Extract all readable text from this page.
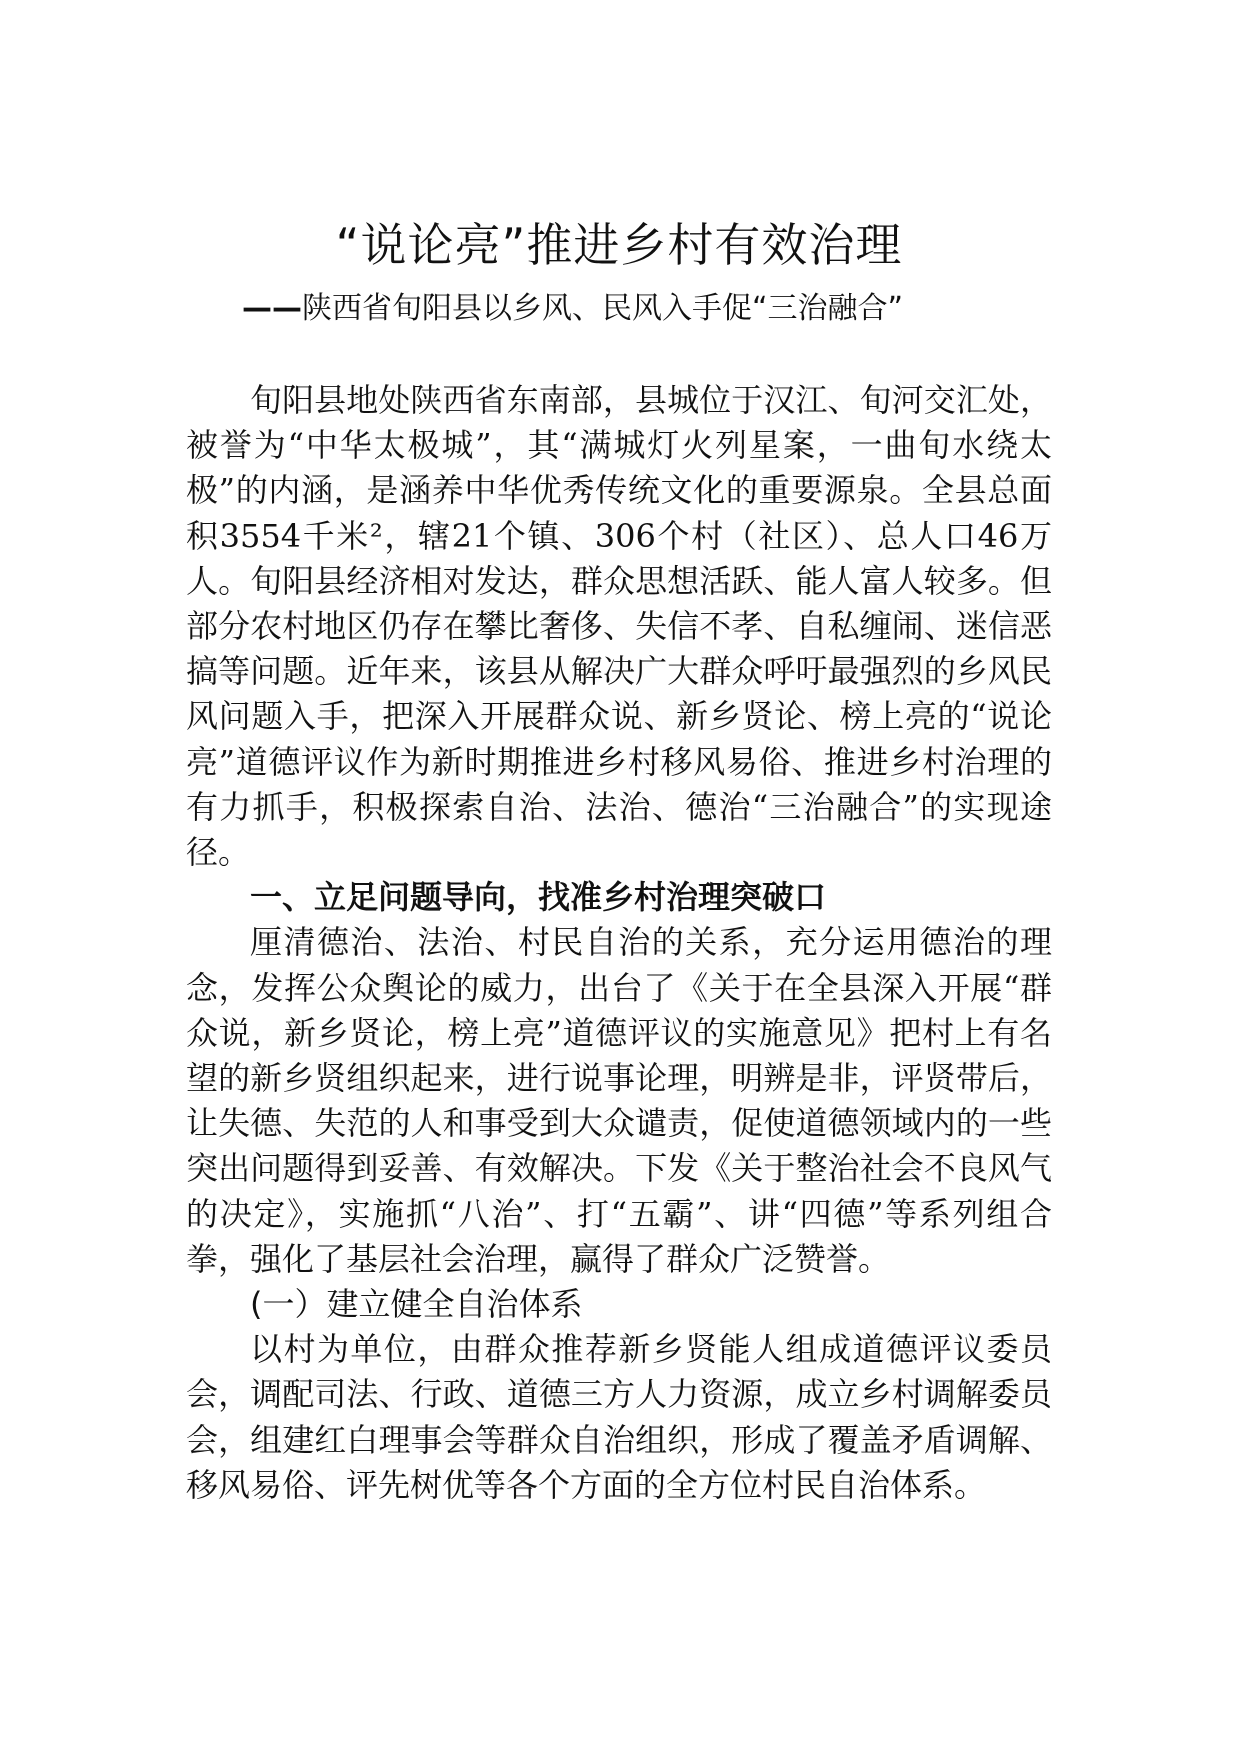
“说论亮”推进乡村有效治理
——陕西省旬阳县以乡风、民风入手促“三治融合”

旬阳县地处陕西省东南部，县城位于汉江、旬河交汇处，被誉为“中华太极城”，其“满城灯火列星案，一曲旬水绕太极”的内涵，是涵养中华优秀传统文化的重要源泉。全县总面积3554千米²，辖21个镇、306个村（社区）、总人口46万人。旬阳县经济相对发达，群众思想活跃、能人富人较多。但部分农村地区仍存在攀比奢侈、失信不孝、自私缠闹、迷信恶搞等问题。近年来，该县从解决广大群众呼吁最强烈的乡风民风问题入手，把深入开展群众说、新乡贤论、榜上亮的“说论亮”道德评议作为新时期推进乡村移风易俗、推进乡村治理的有力抓手，积极探索自治、法治、德治“三治融合”的实现途径。

一、立足问题导向，找准乡村治理突破口

厘清德治、法治、村民自治的关系，充分运用德治的理念，发挥公众舆论的威力，出台了《关于在全县深入开展“群众说，新乡贤论，榜上亮”道德评议的实施意见》把村上有名望的新乡贤组织起来，进行说事论理，明辨是非，评贤带后，让失德、失范的人和事受到大众谴责，促使道德领域内的一些突出问题得到妥善、有效解决。下发《关于整治社会不良风气的决定》，实施抓“八治”、打“五霸”、讲“四德”等系列组合拳，强化了基层社会治理，赢得了群众广泛赞誉。

(一）建立健全自治体系

以村为单位，由群众推荐新乡贤能人组成道德评议委员会，调配司法、行政、道德三方人力资源，成立乡村调解委员会，组建红白理事会等群众自治组织，形成了覆盖矛盾调解、移风易俗、评先树优等各个方面的全方位村民自治体系。
